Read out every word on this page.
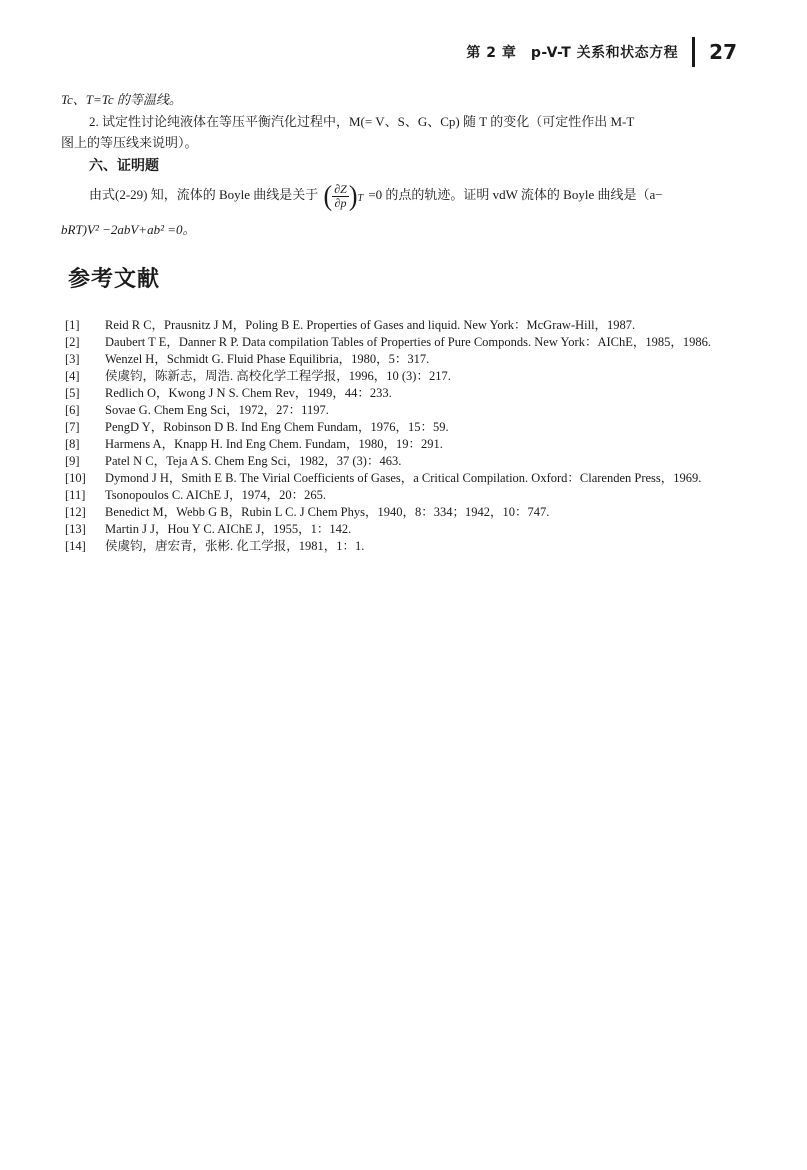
第 2 章　p-V-T 关系和状态方程 27
Tc、T=Tc 的等温线。
2. 试定性讨论纯液体在等压平衡汽化过程中，M(= V、S、G、Cp) 随 T 的变化（可定性作出 M-T
图上的等压线来说明）。
六、证明题
由式(2-29) 知，流体的 Boyle 曲线是关于 ( $\frac{\partial Z}{\partial p}$ ) T =0 的点的轨迹。证明 vdW 流体的 Boyle 曲线是（a−
bRT)V² −2abV+ab² =0。
参考文献
[1]	Reid R C，Prausnitz J M，Poling B E. Properties of Gases and liquid. New York：McGraw-Hill，1987.
[2]	Daubert T E，Danner R P. Data compilation Tables of Properties of Pure Componds. New York：AIChE，1985，1986.
[3]	Wenzel H，Schmidt G. Fluid Phase Equilibria，1980，5：317.
[4]	侯虞钧，陈新志，周浩. 高校化学工程学报，1996，10 (3)：217.
[5]	Redlich O，Kwong J N S. Chem Rev，1949，44：233.
[6]	Sovae G. Chem Eng Sci，1972，27：1197.
[7]	PengD Y，Robinson D B. Ind Eng Chem Fundam，1976，15：59.
[8]	Harmens A，Knapp H. Ind Eng Chem. Fundam，1980，19：291.
[9]	Patel N C，Teja A S. Chem Eng Sci，1982，37 (3)：463.
[10]	Dymond J H，Smith E B. The Virial Coefficients of Gases，a Critical Compilation. Oxford：Clarenden Press，1969.
[11]	Tsonopoulos C. AIChE J，1974，20：265.
[12]	Benedict M，Webb G B，Rubin L C. J Chem Phys，1940，8：334；1942，10：747.
[13]	Martin J J，Hou Y C. AIChE J，1955，1：142.
[14]	侯虞钧，唐宏青，张彬. 化工学报，1981，1：1.
